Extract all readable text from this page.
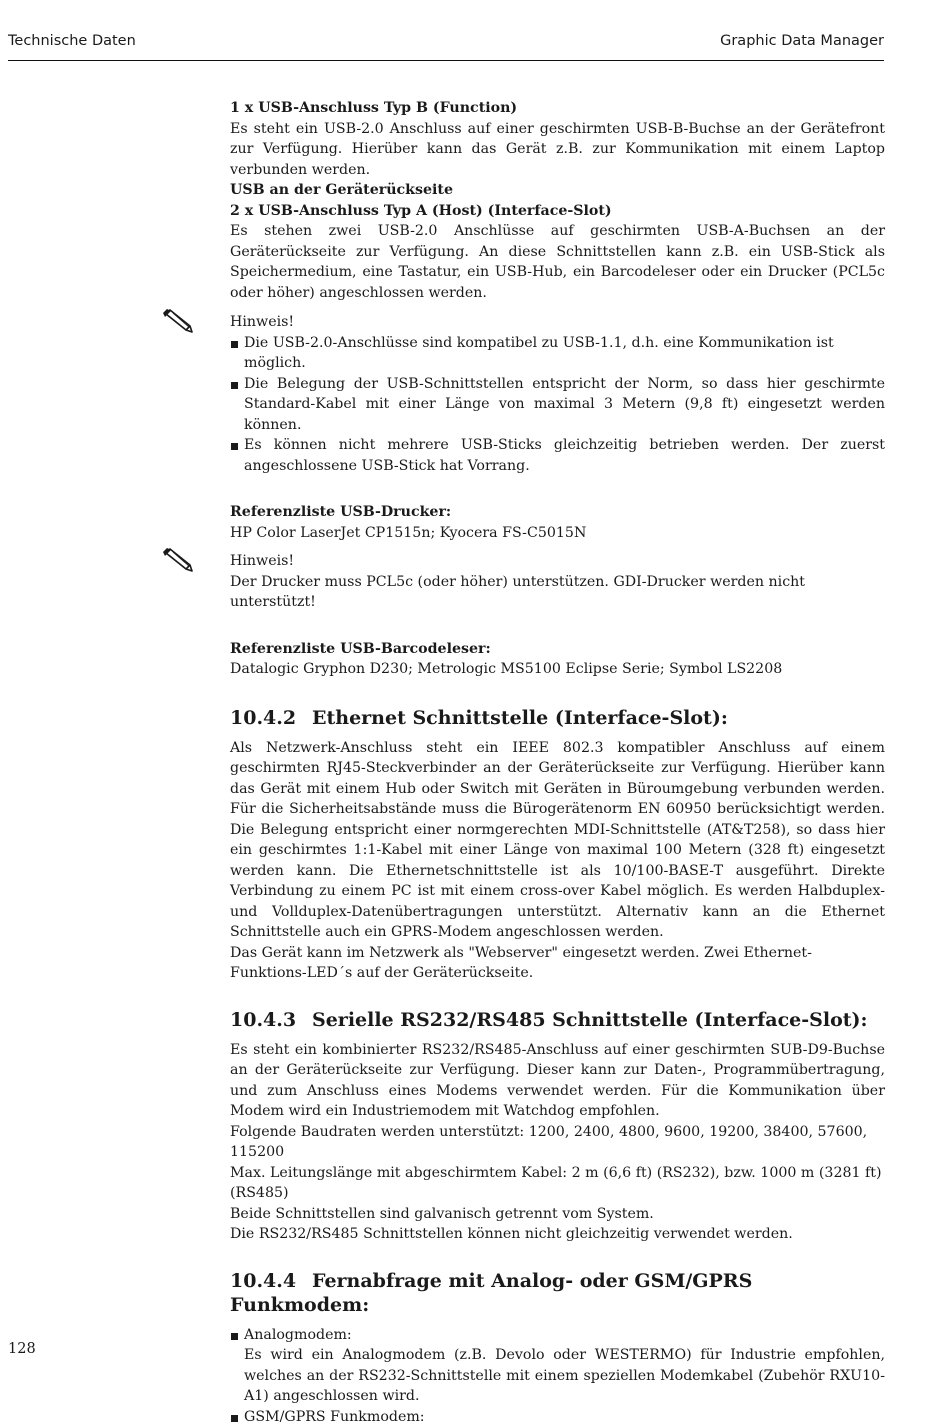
Technische Daten	Graphic Data Manager

1 x USB-Anschluss Typ B (Function)

Es steht ein USB-2.0 Anschluss auf einer geschirmten USB-B-Buchse an der Gerätefront zur Verfügung. Hierüber kann das Gerät z.B. zur Kommunikation mit einem Laptop verbunden werden.

USB an der Geräterückseite

2 x USB-Anschluss Typ A (Host) (Interface-Slot)

Es stehen zwei USB-2.0 Anschlüsse auf geschirmten USB-A-Buchsen an der Geräterückseite zur Verfügung. An diese Schnittstellen kann z.B. ein USB-Stick als Speichermedium, eine Tastatur, ein USB-Hub, ein Barcodeleser oder ein Drucker (PCL5c oder höher) angeschlossen werden.

Hinweis!

Die USB-2.0-Anschlüsse sind kompatibel zu USB-1.1, d.h. eine Kommunikation ist möglich.
Die Belegung der USB-Schnittstellen entspricht der Norm, so dass hier geschirmte Standard-Kabel mit einer Länge von maximal 3 Metern (9,8 ft) eingesetzt werden können.
Es können nicht mehrere USB-Sticks gleichzeitig betrieben werden. Der zuerst angeschlossene USB-Stick hat Vorrang.

Referenzliste USB-Drucker:

HP Color LaserJet CP1515n; Kyocera FS-C5015N

Hinweis!

Der Drucker muss PCL5c (oder höher) unterstützen. GDI-Drucker werden nicht unterstützt!

Referenzliste USB-Barcodeleser:

Datalogic Gryphon D230; Metrologic MS5100 Eclipse Serie; Symbol LS2208

10.4.2 Ethernet Schnittstelle (Interface-Slot):

Als Netzwerk-Anschluss steht ein IEEE 802.3 kompatibler Anschluss auf einem geschirmten RJ45-Steckverbinder an der Geräterückseite zur Verfügung. Hierüber kann das Gerät mit einem Hub oder Switch mit Geräten in Büroumgebung verbunden werden. Für die Sicherheitsabstände muss die Bürogerätenorm EN 60950 berücksichtigt werden. Die Belegung entspricht einer normgerechten MDI-Schnittstelle (AT&T258), so dass hier ein geschirmtes 1:1-Kabel mit einer Länge von maximal 100 Metern (328 ft) eingesetzt werden kann. Die Ethernetschnittstelle ist als 10/100-BASE-T ausgeführt. Direkte Verbindung zu einem PC ist mit einem cross-over Kabel möglich. Es werden Halbduplex- und Vollduplex-Datenübertragungen unterstützt. Alternativ kann an die Ethernet Schnittstelle auch ein GPRS-Modem angeschlossen werden.

Das Gerät kann im Netzwerk als "Webserver" eingesetzt werden. Zwei Ethernet-Funktions-LED´s auf der Geräterückseite.

10.4.3 Serielle RS232/RS485 Schnittstelle (Interface-Slot):

Es steht ein kombinierter RS232/RS485-Anschluss auf einer geschirmten SUB-D9-Buchse an der Geräterückseite zur Verfügung. Dieser kann zur Daten-, Programmübertragung, und zum Anschluss eines Modems verwendet werden. Für die Kommunikation über Modem wird ein Industriemodem mit Watchdog empfohlen.

Folgende Baudraten werden unterstützt: 1200, 2400, 4800, 9600, 19200, 38400, 57600, 115200

Max. Leitungslänge mit abgeschirmtem Kabel: 2 m (6,6 ft) (RS232), bzw. 1000 m (3281 ft) (RS485)

Beide Schnittstellen sind galvanisch getrennt vom System.

Die RS232/RS485 Schnittstellen können nicht gleichzeitig verwendet werden.

10.4.4 Fernabfrage mit Analog- oder GSM/GPRS Funkmodem:
Analogmodem:

Es wird ein Analogmodem (z.B. Devolo oder WESTERMO) für Industrie empfohlen, welches an der RS232-Schnittstelle mit einem speziellen Modemkabel (Zubehör RXU10-A1) angeschlossen wird.
GSM/GPRS Funkmodem:
128
